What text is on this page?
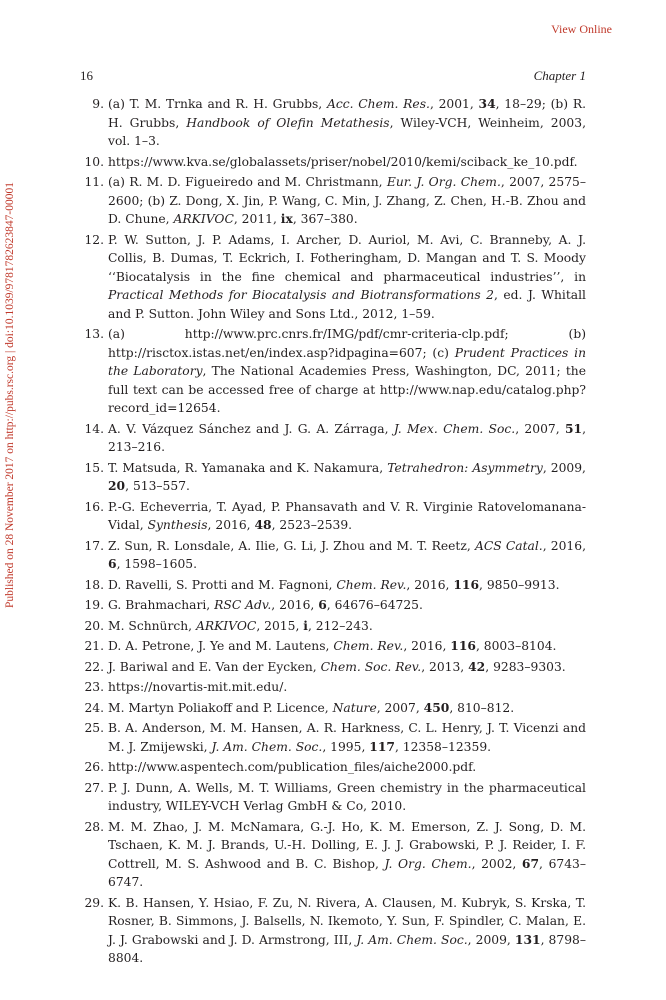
View Online
Published on 28 November 2017 on http://pubs.rsc.org | doi:10.1039/9781782623847-00001
16	Chapter 1
9. (a) T. M. Trnka and R. H. Grubbs, Acc. Chem. Res., 2001, 34, 18–29; (b) R. H. Grubbs, Handbook of Olefin Metathesis, Wiley-VCH, Weinheim, 2003, vol. 1–3.
10. https://www.kva.se/globalassets/priser/nobel/2010/kemi/sciback_ke_10.pdf.
11. (a) R. M. D. Figueiredo and M. Christmann, Eur. J. Org. Chem., 2007, 2575–2600; (b) Z. Dong, X. Jin, P. Wang, C. Min, J. Zhang, Z. Chen, H.-B. Zhou and D. Chune, ARKIVOC, 2011, ix, 367–380.
12. P. W. Sutton, J. P. Adams, I. Archer, D. Auriol, M. Avi, C. Branneby, A. J. Collis, B. Dumas, T. Eckrich, I. Fotheringham, D. Mangan and T. S. Moody ‘‘Biocatalysis in the fine chemical and pharmaceutical industries’’, in Practical Methods for Biocatalysis and Biotransformations 2, ed. J. Whitall and P. Sutton. John Wiley and Sons Ltd., 2012, 1–59.
13. (a) http://www.prc.cnrs.fr/IMG/pdf/cmr-criteria-clp.pdf; (b) http://risctox.istas.net/en/index.asp?idpagina=607; (c) Prudent Practices in the Laboratory, The National Academies Press, Washington, DC, 2011; the full text can be accessed free of charge at http://www.nap.edu/catalog.php?record_id=12654.
14. A. V. Vázquez Sánchez and J. G. A. Zárraga, J. Mex. Chem. Soc., 2007, 51, 213–216.
15. T. Matsuda, R. Yamanaka and K. Nakamura, Tetrahedron: Asymmetry, 2009, 20, 513–557.
16. P.-G. Echeverria, T. Ayad, P. Phansavath and V. R. Virginie Ratovelomanana-Vidal, Synthesis, 2016, 48, 2523–2539.
17. Z. Sun, R. Lonsdale, A. Ilie, G. Li, J. Zhou and M. T. Reetz, ACS Catal., 2016, 6, 1598–1605.
18. D. Ravelli, S. Protti and M. Fagnoni, Chem. Rev., 2016, 116, 9850–9913.
19. G. Brahmachari, RSC Adv., 2016, 6, 64676–64725.
20. M. Schnürch, ARKIVOC, 2015, i, 212–243.
21. D. A. Petrone, J. Ye and M. Lautens, Chem. Rev., 2016, 116, 8003–8104.
22. J. Bariwal and E. Van der Eycken, Chem. Soc. Rev., 2013, 42, 9283–9303.
23. https://novartis-mit.mit.edu/.
24. M. Martyn Poliakoff and P. Licence, Nature, 2007, 450, 810–812.
25. B. A. Anderson, M. M. Hansen, A. R. Harkness, C. L. Henry, J. T. Vicenzi and M. J. Zmijewski, J. Am. Chem. Soc., 1995, 117, 12358–12359.
26. http://www.aspentech.com/publication_files/aiche2000.pdf.
27. P. J. Dunn, A. Wells, M. T. Williams, Green chemistry in the pharmaceutical industry, WILEY-VCH Verlag GmbH & Co, 2010.
28. M. M. Zhao, J. M. McNamara, G.-J. Ho, K. M. Emerson, Z. J. Song, D. M. Tschaen, K. M. J. Brands, U.-H. Dolling, E. J. J. Grabowski, P. J. Reider, I. F. Cottrell, M. S. Ashwood and B. C. Bishop, J. Org. Chem., 2002, 67, 6743–6747.
29. K. B. Hansen, Y. Hsiao, F. Zu, N. Rivera, A. Clausen, M. Kubryk, S. Krska, T. Rosner, B. Simmons, J. Balsells, N. Ikemoto, Y. Sun, F. Spindler, C. Malan, E. J. J. Grabowski and J. D. Armstrong, III, J. Am. Chem. Soc., 2009, 131, 8798–8804.
